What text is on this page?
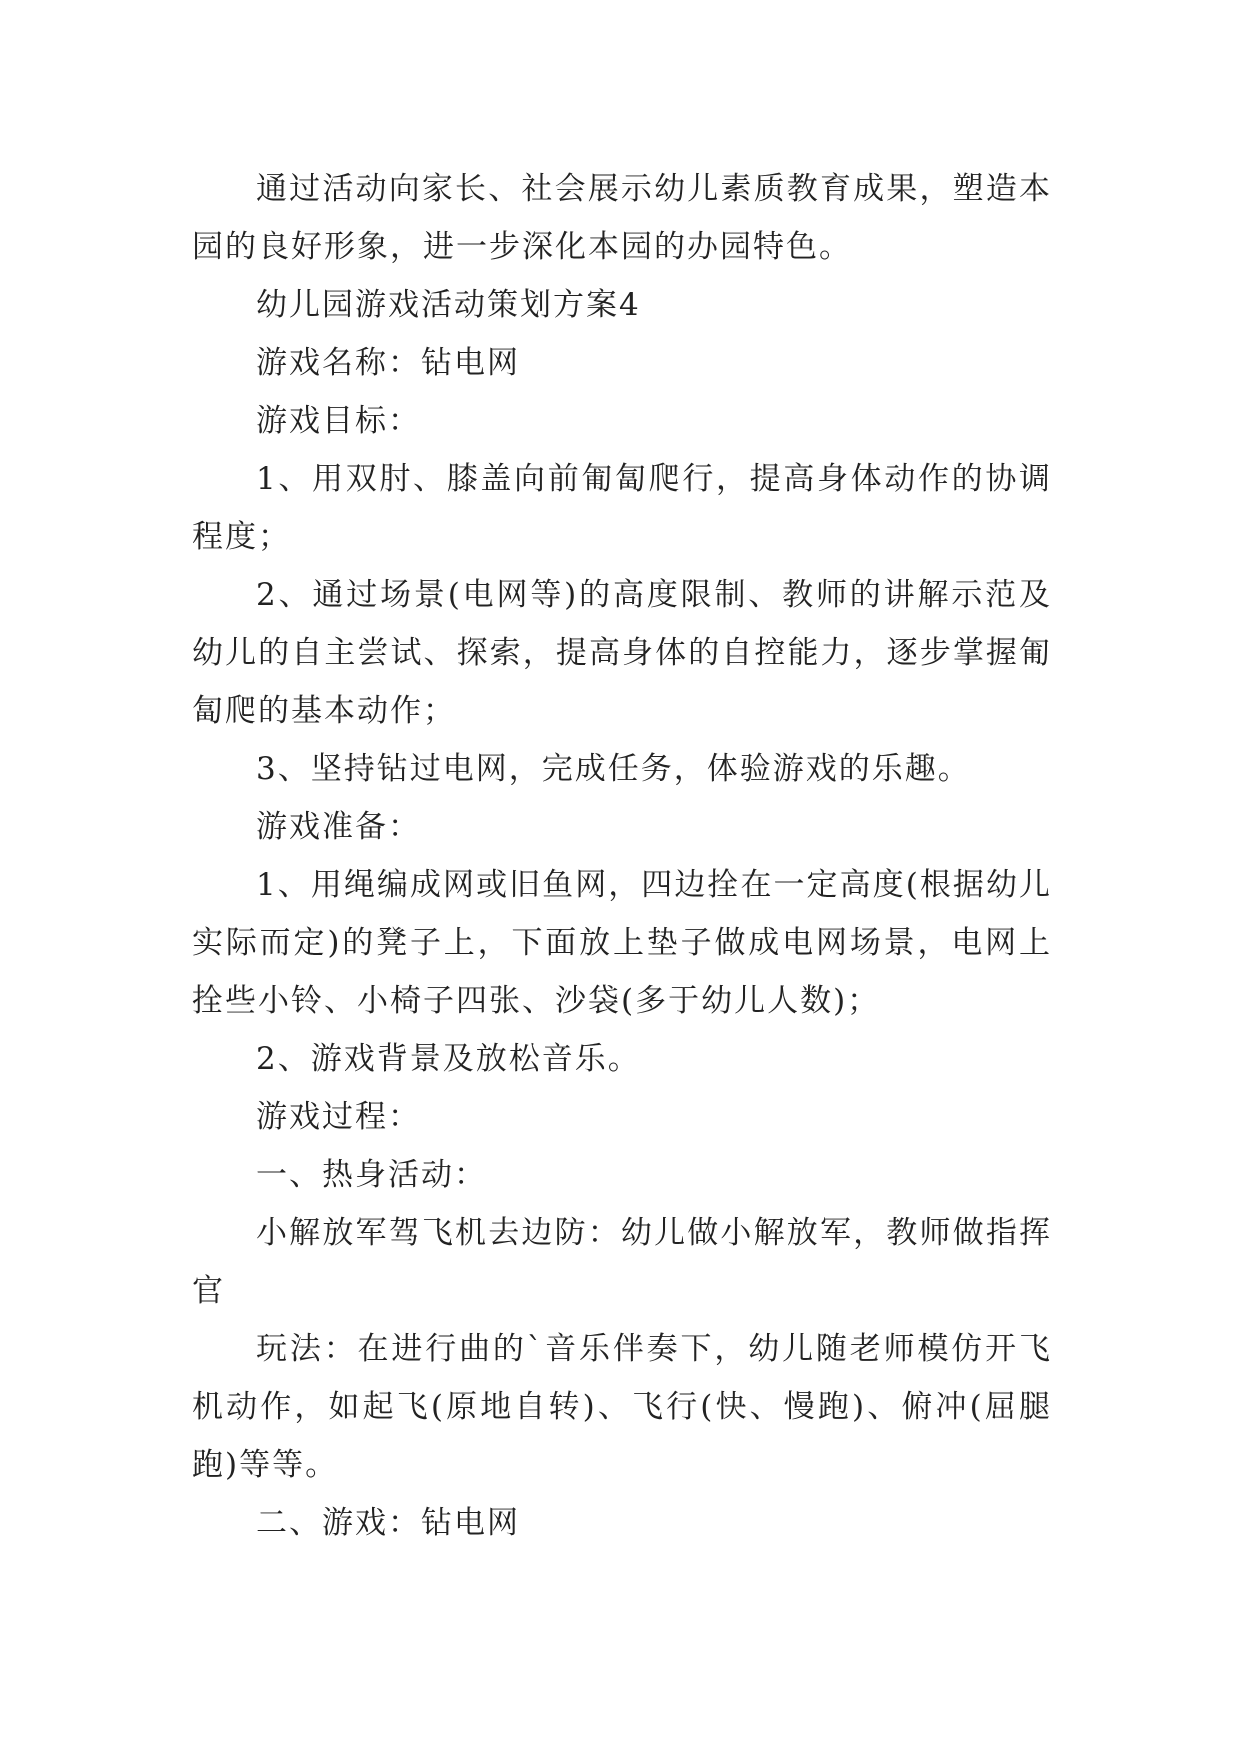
通过活动向家长、社会展示幼儿素质教育成果，塑造本园的良好形象，进一步深化本园的办园特色。

幼儿园游戏活动策划方案4

游戏名称：钻电网

游戏目标：

1、用双肘、膝盖向前匍匐爬行，提高身体动作的协调程度；

2、通过场景(电网等)的高度限制、教师的讲解示范及幼儿的自主尝试、探索，提高身体的自控能力，逐步掌握匍匐爬的基本动作；

3、坚持钻过电网，完成任务，体验游戏的乐趣。

游戏准备：

1、用绳编成网或旧鱼网，四边拴在一定高度(根据幼儿实际而定)的凳子上，下面放上垫子做成电网场景，电网上拴些小铃、小椅子四张、沙袋(多于幼儿人数)；

2、游戏背景及放松音乐。

游戏过程：

一、热身活动：

小解放军驾飞机去边防：幼儿做小解放军，教师做指挥官

玩法：在进行曲的`音乐伴奏下，幼儿随老师模仿开飞机动作，如起飞(原地自转)、飞行(快、慢跑)、俯冲(屈腿跑)等等。

二、游戏：钻电网
